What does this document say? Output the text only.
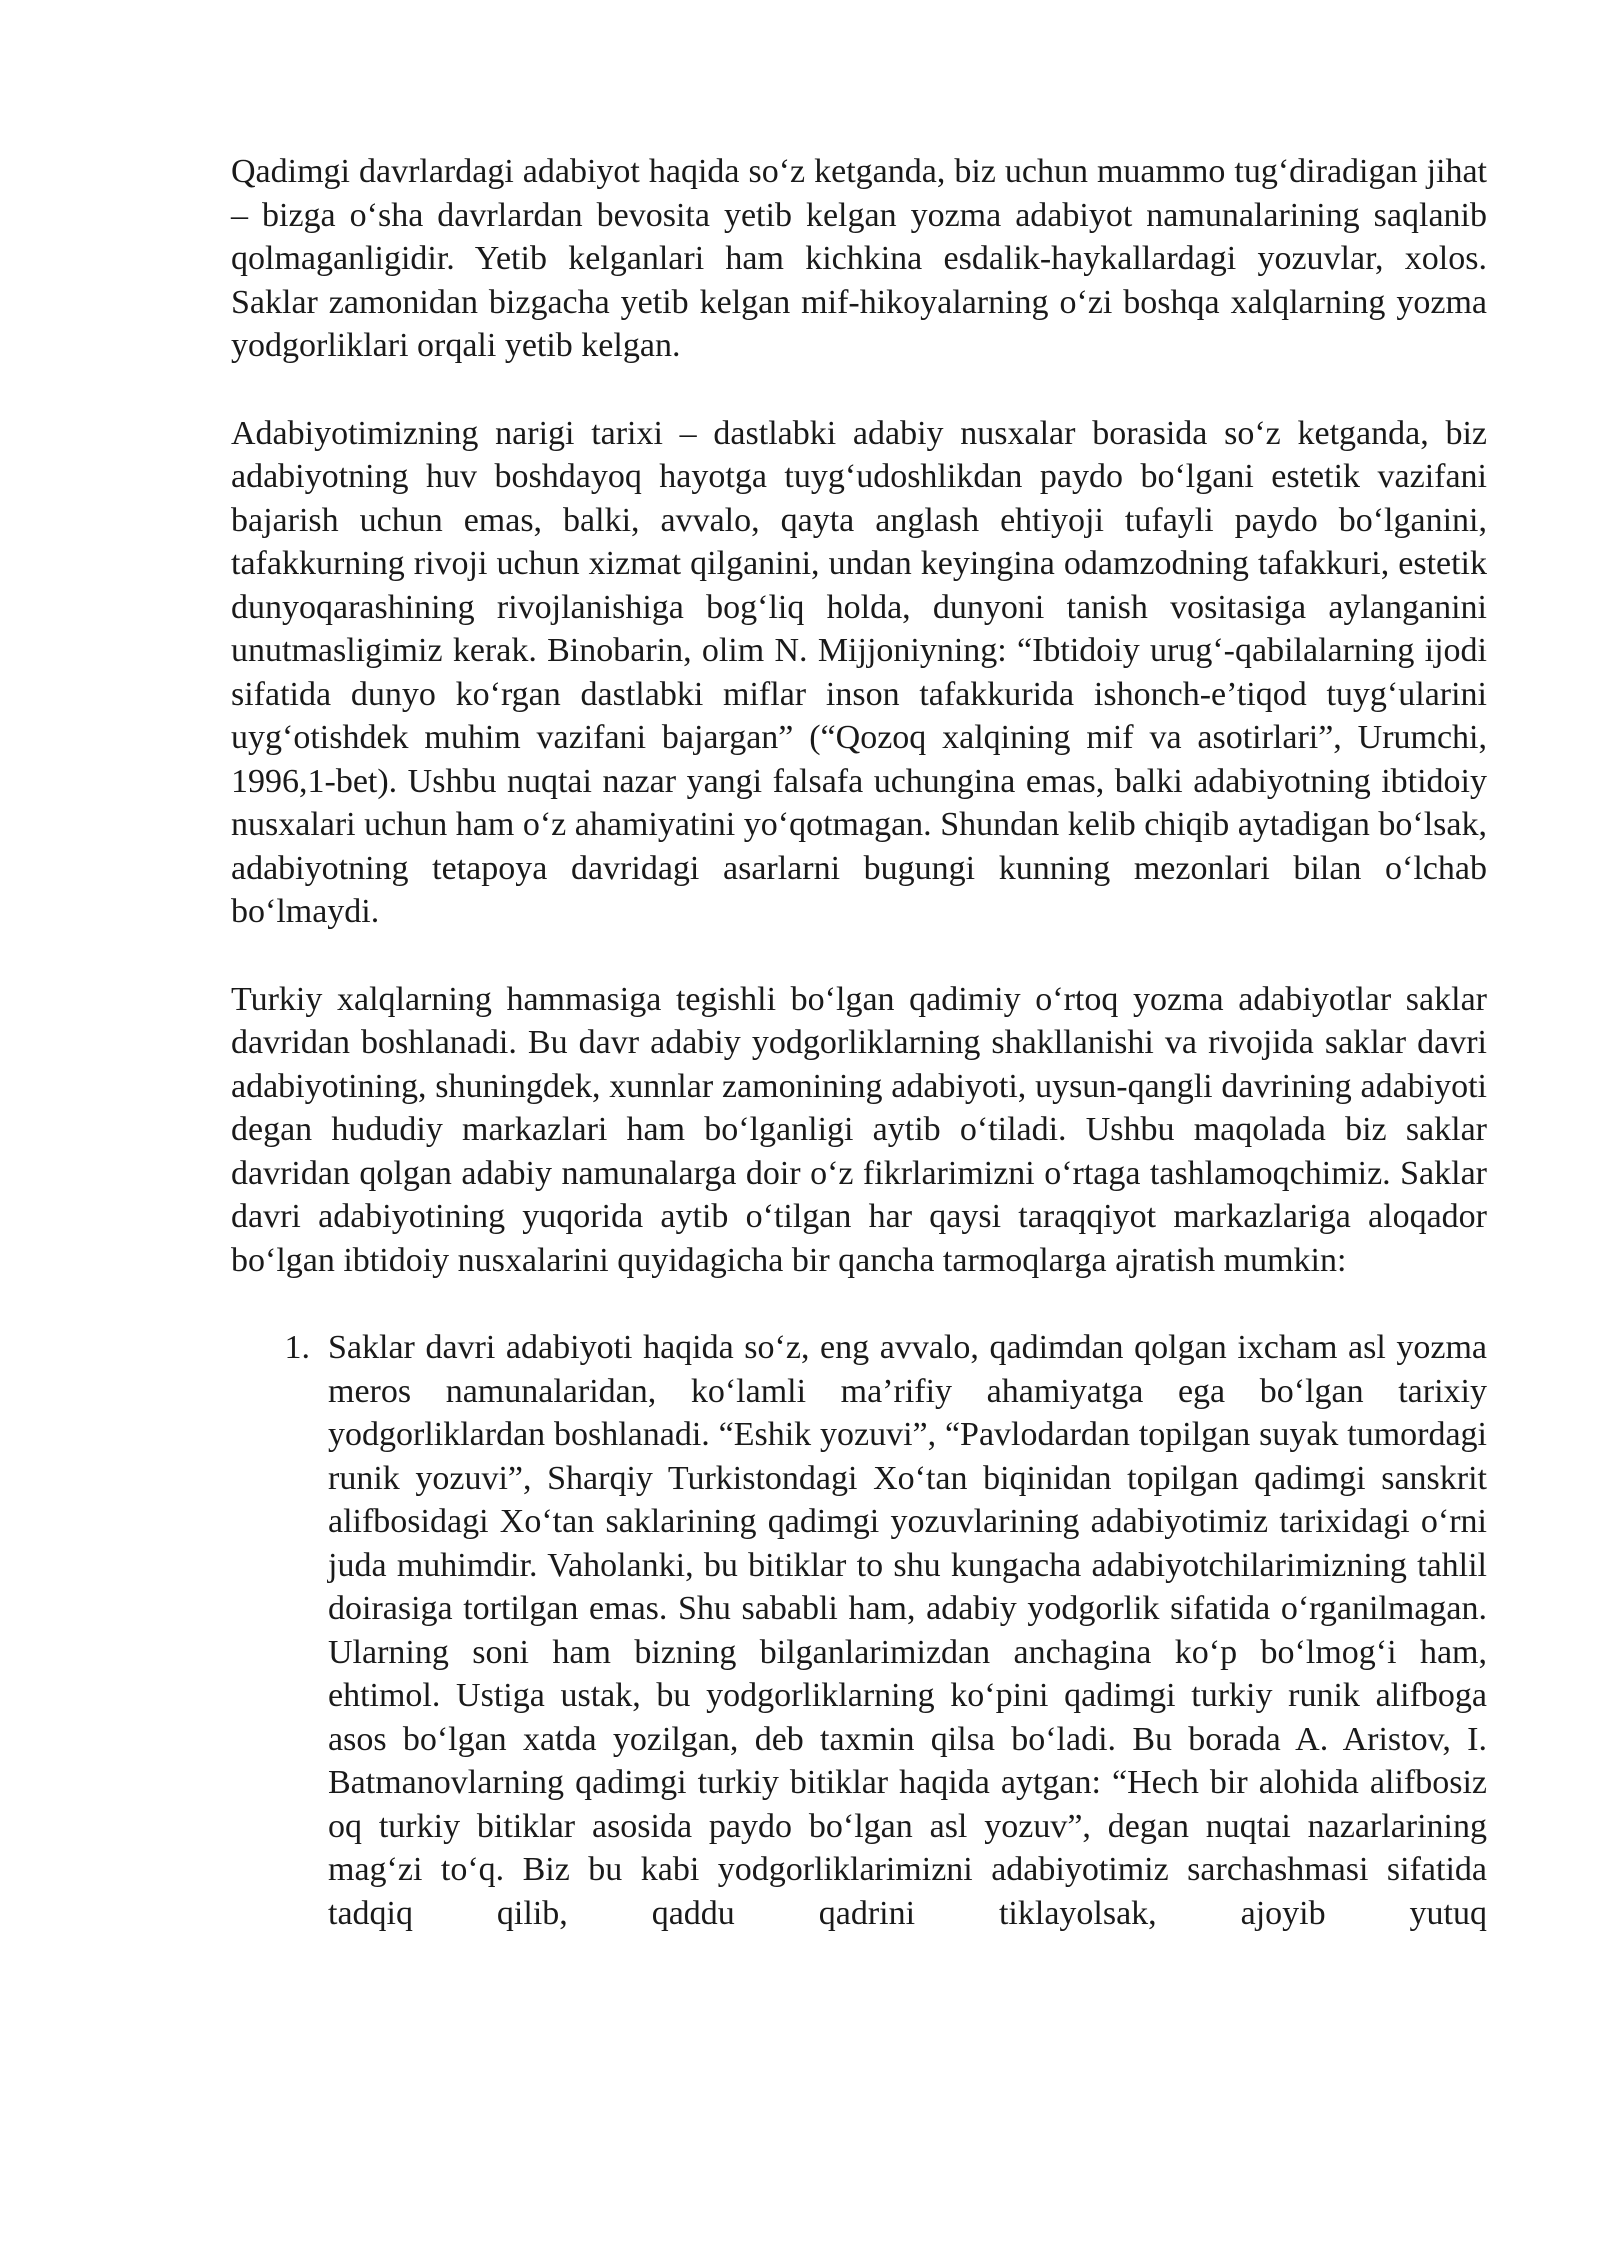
Qadimgi davrlardagi adabiyot haqida so‘z ketganda, biz uchun muammo tug‘diradigan jihat – bizga o‘sha davrlardan bevosita yetib kelgan yozma adabiyot namunalarining saqlanib qolmaganligidir. Yetib kelganlari ham kichkina esdalik-haykallardagi yozuvlar, xolos. Saklar zamonidan bizgacha yetib kelgan mif-hikoyalarning o‘zi boshqa xalqlarning yozma yodgorliklari orqali yetib kelgan.

Adabiyotimizning narigi tarixi – dastlabki adabiy nusxalar borasida so‘z ketganda, biz adabiyotning huv boshdayoq hayotga tuyg‘udoshlikdan paydo bo‘lgani estetik vazifani bajarish uchun emas, balki, avvalo, qayta anglash ehtiyoji tufayli paydo bo‘lganini, tafakkurning rivoji uchun xizmat qilganini, undan keyingina odamzodning tafakkuri, estetik dunyoqarashining rivojlanishiga bog‘liq holda, dunyoni tanish vositasiga aylanganini unutmasligimiz kerak. Binobarin, olim N. Mijjoniyning: “Ibtidoiy urug‘-qabilalarning ijodi sifatida dunyo ko‘rgan dastlabki miflar inson tafakkurida ishonch-e’tiqod tuyg‘ularini uyg‘otishdek muhim vazifani bajargan” (“Qozoq xalqining mif va asotirlari”, Urumchi, 1996,1-bet). Ushbu nuqtai nazar yangi falsafa uchungina emas, balki adabiyotning ibtidoiy nusxalari uchun ham o‘z ahamiyatini yo‘qotmagan. Shundan kelib chiqib aytadigan bo‘lsak, adabiyotning tetapoya davridagi asarlarni bugungi kunning mezonlari bilan o‘lchab bo‘lmaydi.

Turkiy xalqlarning hammasiga tegishli bo‘lgan qadimiy o‘rtoq yozma adabiyotlar saklar davridan boshlanadi. Bu davr adabiy yodgorliklarning shakllanishi va rivojida saklar davri adabiyotining, shuningdek, xunnlar zamonining adabiyoti, uysun-qangli davrining adabiyoti degan hududiy markazlari ham bo‘lganligi aytib o‘tiladi. Ushbu maqolada biz saklar davridan qolgan adabiy namunalarga doir o‘z fikrlarimizni o‘rtaga tashlamoqchimiz. Saklar davri adabiyotining yuqorida aytib o‘tilgan har qaysi taraqqiyot markazlariga aloqador bo‘lgan ibtidoiy nusxalarini quyidagicha bir qancha tarmoqlarga ajratish mumkin:

1. Saklar davri adabiyoti haqida so‘z, eng avvalo, qadimdan qolgan ixcham asl yozma meros namunalaridan, ko‘lamli ma’rifiy ahamiyatga ega bo‘lgan tarixiy yodgorliklardan boshlanadi. “Eshik yozuvi”, “Pavlodardan topilgan suyak tumordagi runik yozuvi”, Sharqiy Turkistondagi Xo‘tan biqinidan topilgan qadimgi sanskrit alifbosidagi Xo‘tan saklarining qadimgi yozuvlarining adabiyotimiz tarixidagi o‘rni juda muhimdir. Vaholanki, bu bitiklar to shu kungacha adabiyotchilarimizning tahlil doirasiga tortilgan emas. Shu sababli ham, adabiy yodgorlik sifatida o‘rganilmagan. Ularning soni ham bizning bilganlarimizdan anchagina ko‘p bo‘lmog‘i ham, ehtimol. Ustiga ustak, bu yodgorliklarning ko‘pini qadimgi turkiy runik alifboga asos bo‘lgan xatda yozilgan, deb taxmin qilsa bo‘ladi. Bu borada A. Aristov, I. Batmanovlarning qadimgi turkiy bitiklar haqida aytgan: “Hech bir alohida alifbosiz oq turkiy bitiklar asosida paydo bo‘lgan asl yozuv”, degan nuqtai nazarlarining mag‘zi to‘q. Biz bu kabi yodgorliklarimizni adabiyotimiz sarchashmasi sifatida tadqiq qilib, qaddu qadrini tiklayolsak, ajoyib yutuq
